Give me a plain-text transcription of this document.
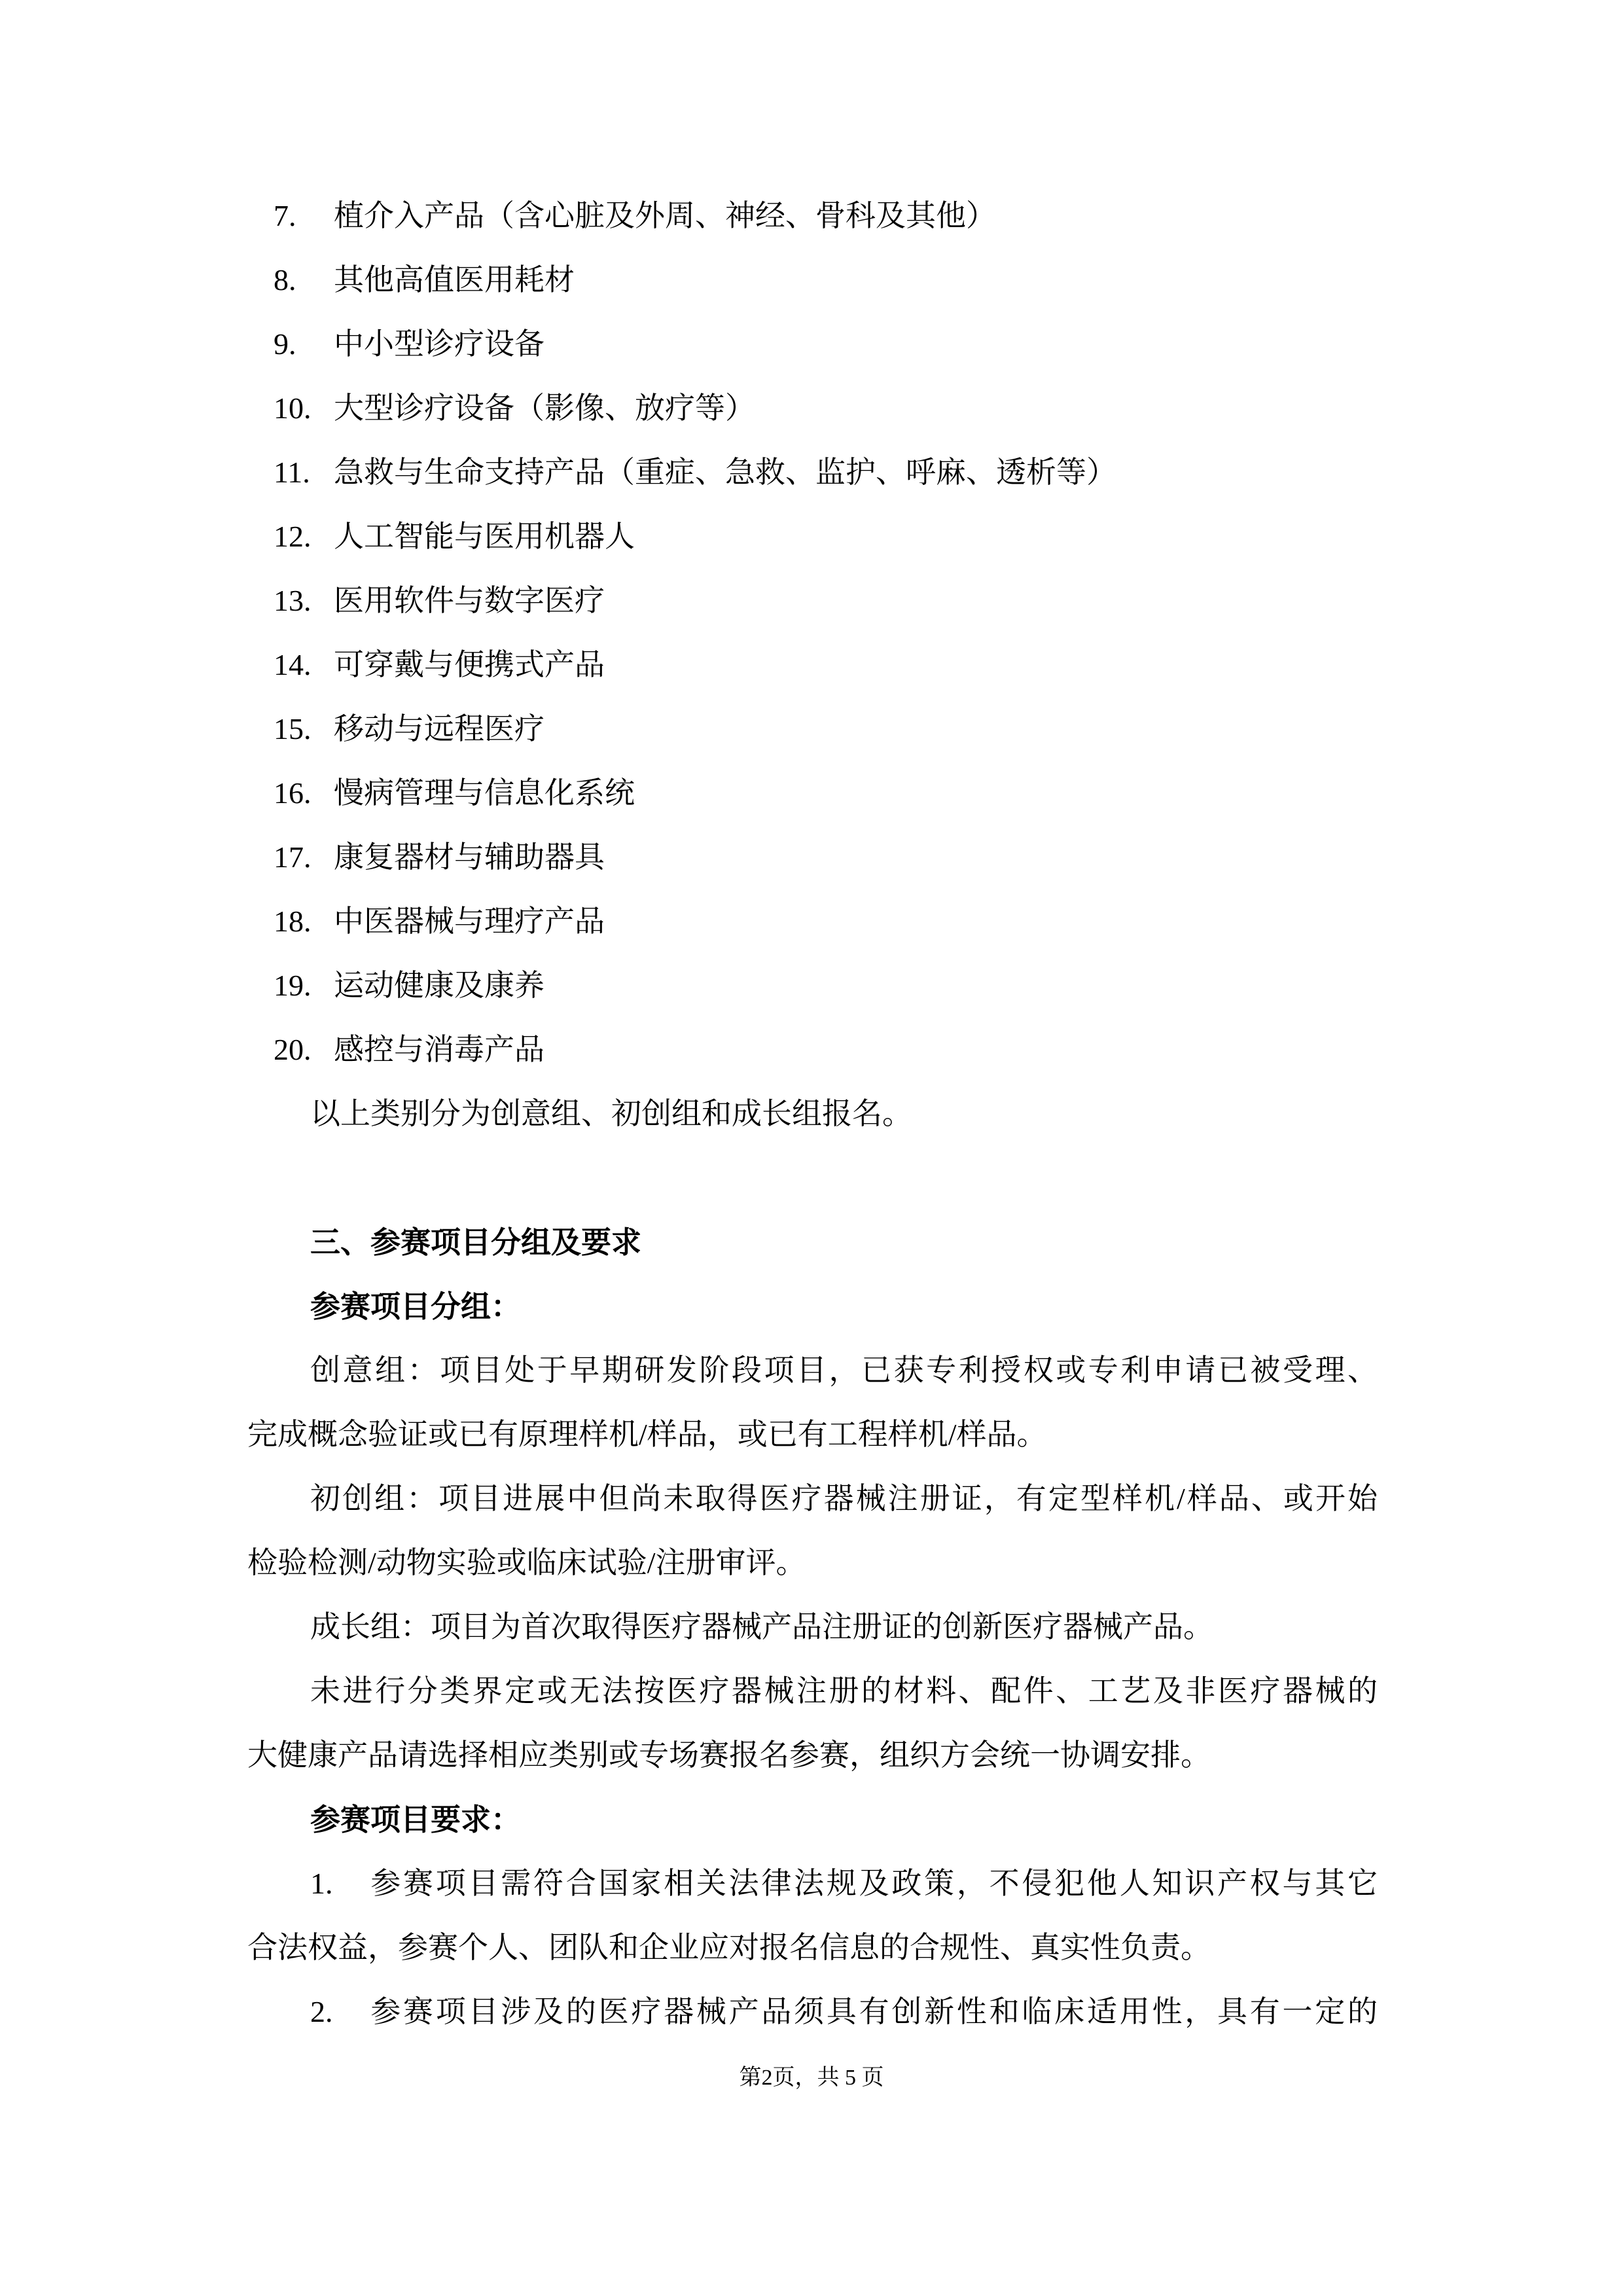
7.	植介入产品（含心脏及外周、神经、骨科及其他）
8.	其他高值医用耗材
9.	中小型诊疗设备
10. 大型诊疗设备（影像、放疗等）
11. 急救与生命支持产品（重症、急救、监护、呼麻、透析等）
12. 人工智能与医用机器人
13. 医用软件与数字医疗
14. 可穿戴与便携式产品
15. 移动与远程医疗
16. 慢病管理与信息化系统
17. 康复器材与辅助器具
18. 中医器械与理疗产品
19. 运动健康及康养
20. 感控与消毒产品

以上类别分为创意组、初创组和成长组报名。

三、参赛项目分组及要求
参赛项目分组：
创意组：项目处于早期研发阶段项目，已获专利授权或专利申请已被受理、
完成概念验证或已有原理样机/样品，或已有工程样机/样品。
初创组：项目进展中但尚未取得医疗器械注册证，有定型样机/样品、或开始
检验检测/动物实验或临床试验/注册审评。
成长组：项目为首次取得医疗器械产品注册证的创新医疗器械产品。
未进行分类界定或无法按医疗器械注册的材料、配件、工艺及非医疗器械的
大健康产品请选择相应类别或专场赛报名参赛，组织方会统一协调安排。
参赛项目要求：
1. 参赛项目需符合国家相关法律法规及政策，不侵犯他人知识产权与其它
合法权益，参赛个人、团队和企业应对报名信息的合规性、真实性负责。
2. 参赛项目涉及的医疗器械产品须具有创新性和临床适用性，具有一定的
第2页，共 5 页
